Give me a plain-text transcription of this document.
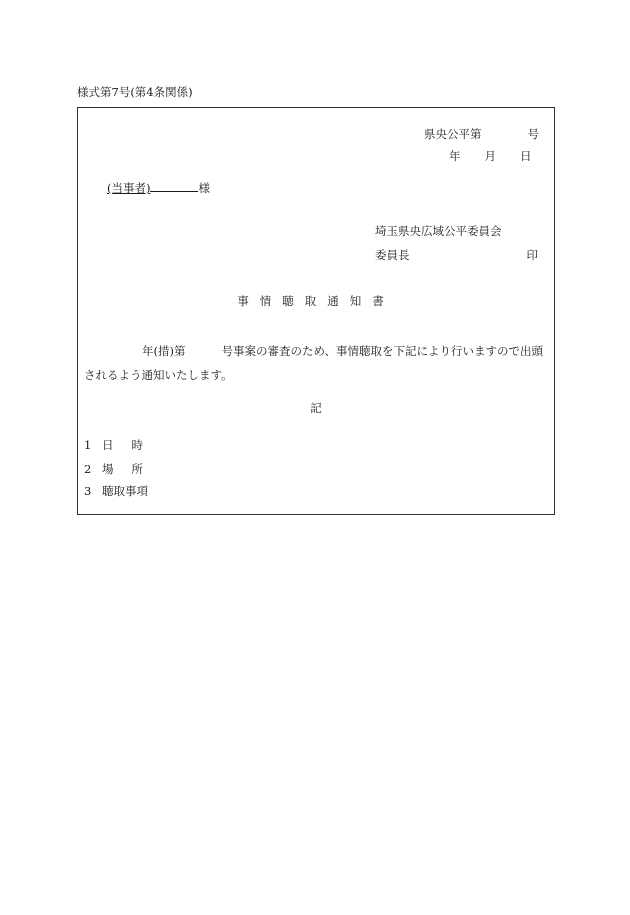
様式第7号(第4条関係)
県央公平第	号
年 月 日
(当事者)	様
埼玉県央広域公平委員会
委員長	印
事情聴取通知書
年(措)第	号事案の審査のため、事情聴取を下記により行いますので出頭されるよう通知いたします。
記
1 日時
2 場所
3 聴取事項
